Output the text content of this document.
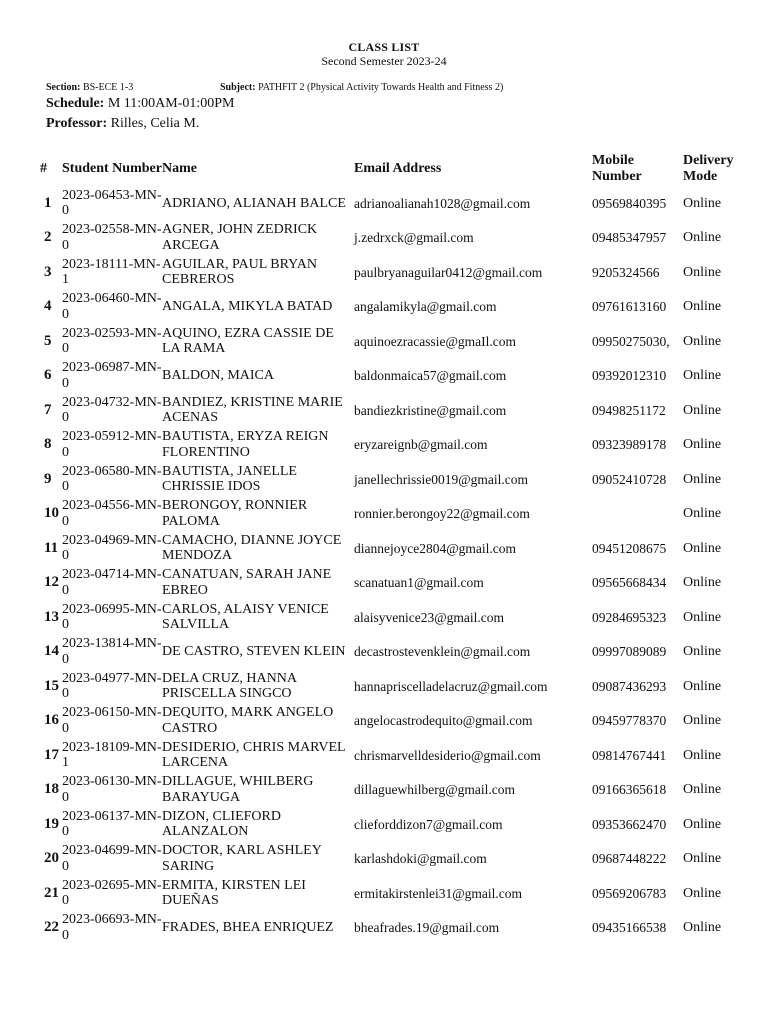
CLASS LIST
Second Semester 2023-24
Section: BS-ECE 1-3	Subject: PATHFIT 2 (Physical Activity Towards Health and Fitness 2)
Schedule: M 11:00AM-01:00PM
Professor: Rilles, Celia M.
#	Student Number	Name	Email Address	Mobile Number	Delivery Mode
1	2023-06453-MN-0	ADRIANO, ALIANAH BALCE	adrianoalianah1028@gmail.com	09569840395	Online
2	2023-02558-MN-0	AGNER, JOHN ZEDRICK ARCEGA	j.zedrxck@gmail.com	09485347957	Online
3	2023-18111-MN-1	AGUILAR, PAUL BRYAN CEBREROS	paulbryanaguilar0412@gmail.com	9205324566	Online
4	2023-06460-MN-0	ANGALA, MIKYLA BATAD	angalamikyla@gmail.com	09761613160	Online
5	2023-02593-MN-0	AQUINO, EZRA CASSIE DE LA RAMA	aquinoezracassie@gmaIl.com	09950275030,	Online
6	2023-06987-MN-0	BALDON, MAICA	baldonmaica57@gmail.com	09392012310	Online
7	2023-04732-MN-0	BANDIEZ, KRISTINE MARIE ACENAS	bandiezkristine@gmail.com	09498251172	Online
8	2023-05912-MN-0	BAUTISTA, ERYZA REIGN FLORENTINO	eryzareignb@gmail.com	09323989178	Online
9	2023-06580-MN-0	BAUTISTA, JANELLE CHRISSIE IDOS	janellechrissie0019@gmail.com	09052410728	Online
10	2023-04556-MN-0	BERONGOY, RONNIER PALOMA	ronnier.berongoy22@gmail.com		Online
11	2023-04969-MN-0	CAMACHO, DIANNE JOYCE MENDOZA	diannejoyce2804@gmail.com	09451208675	Online
12	2023-04714-MN-0	CANATUAN, SARAH JANE EBREO	scanatuan1@gmail.com	09565668434	Online
13	2023-06995-MN-0	CARLOS, ALAISY VENICE SALVILLA	alaisyvenice23@gmail.com	09284695323	Online
14	2023-13814-MN-0	DE CASTRO, STEVEN KLEIN	decastrostevenklein@gmail.com	09997089089	Online
15	2023-04977-MN-0	DELA CRUZ, HANNA PRISCELLA SINGCO	hannapriscelladelacruz@gmail.com	09087436293	Online
16	2023-06150-MN-0	DEQUITO, MARK ANGELO CASTRO	angelocastrodequito@gmail.com	09459778370	Online
17	2023-18109-MN-1	DESIDERIO, CHRIS MARVEL LARCENA	chrismarvelldesiderio@gmail.com	09814767441	Online
18	2023-06130-MN-0	DILLAGUE, WHILBERG BARAYUGA	dillaguewhilberg@gmail.com	09166365618	Online
19	2023-06137-MN-0	DIZON, CLIEFORD ALANZALON	clieforddizon7@gmail.com	09353662470	Online
20	2023-04699-MN-0	DOCTOR, KARL ASHLEY SARING	karlashdoki@gmail.com	09687448222	Online
21	2023-02695-MN-0	ERMITA, KIRSTEN LEI DUEÑAS	ermitakirstenlei31@gmail.com	09569206783	Online
22	2023-06693-MN-0	FRADES, BHEA ENRIQUEZ	bheafrades.19@gmail.com	09435166538	Online
